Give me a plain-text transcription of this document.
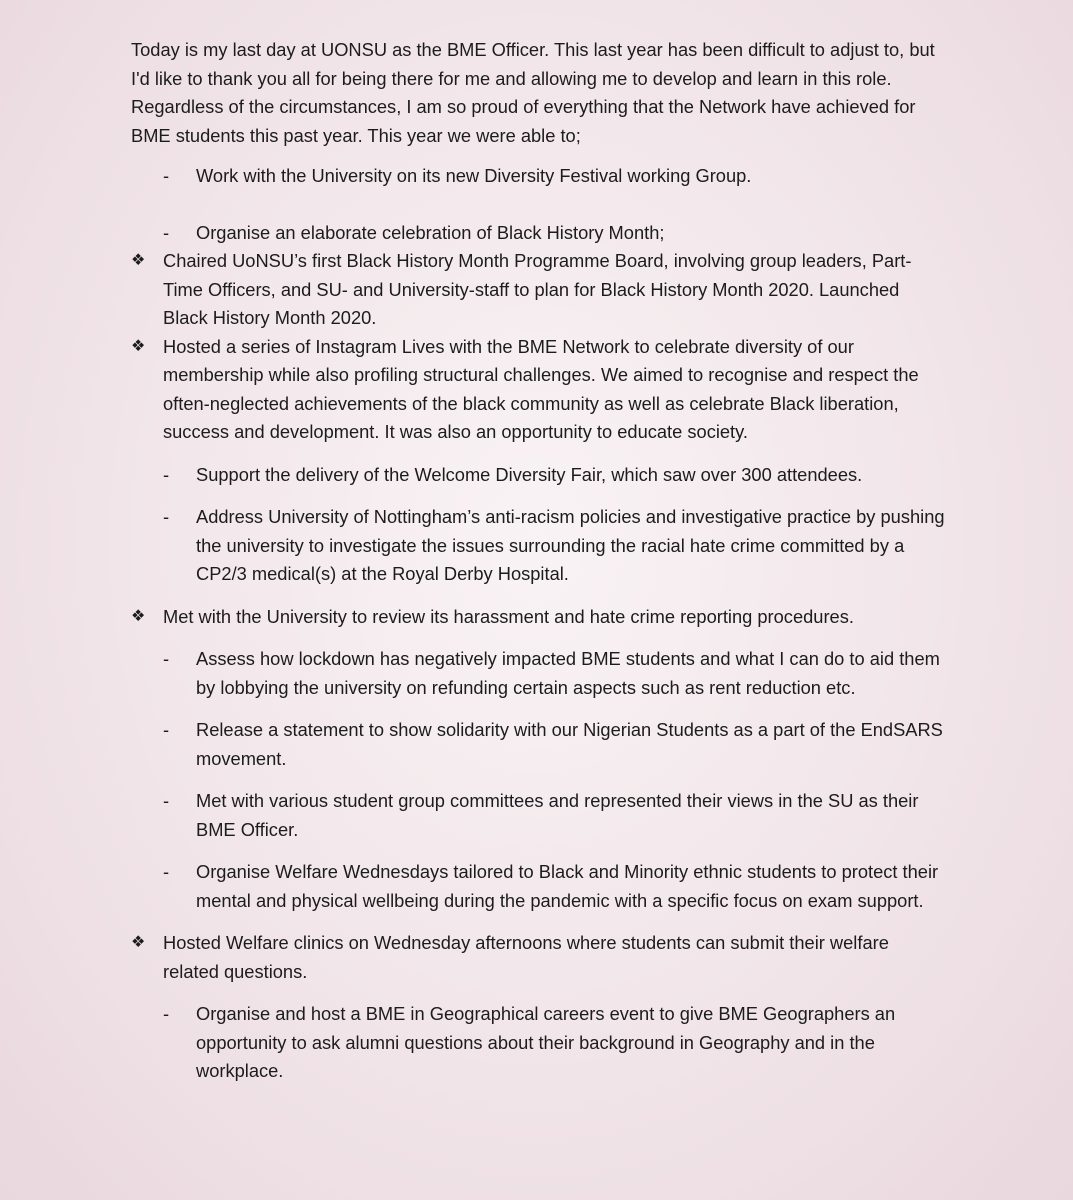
Today is my last day at UONSU as the BME Officer. This last year has been difficult to adjust to, but I'd like to thank you all for being there for me and allowing me to develop and learn in this role. Regardless of the circumstances, I am so proud of everything that the Network have achieved for BME students this past year. This year we were able to;

- Work with the University on its new Diversity Festival working Group.

- Organise an elaborate celebration of Black History Month;

❖ Chaired UoNSU’s first Black History Month Programme Board, involving group leaders, Part-Time Officers, and SU- and University-staff to plan for Black History Month 2020. Launched Black History Month 2020.

❖ Hosted a series of Instagram Lives with the BME Network to celebrate diversity of our membership while also profiling structural challenges. We aimed to recognise and respect the often-neglected achievements of the black community as well as celebrate Black liberation, success and development. It was also an opportunity to educate society.

- Support the delivery of the Welcome Diversity Fair, which saw over 300 attendees.

- Address University of Nottingham’s anti-racism policies and investigative practice by pushing the university to investigate the issues surrounding the racial hate crime committed by a CP2/3 medical(s) at the Royal Derby Hospital.

❖ Met with the University to review its harassment and hate crime reporting procedures.

- Assess how lockdown has negatively impacted BME students and what I can do to aid them by lobbying the university on refunding certain aspects such as rent reduction etc.

- Release a statement to show solidarity with our Nigerian Students as a part of the EndSARS movement.

- Met with various student group committees and represented their views in the SU as their BME Officer.

- Organise Welfare Wednesdays tailored to Black and Minority ethnic students to protect their mental and physical wellbeing during the pandemic with a specific focus on exam support.

❖ Hosted Welfare clinics on Wednesday afternoons where students can submit their welfare related questions.

- Organise and host a BME in Geographical careers event to give BME Geographers an opportunity to ask alumni questions about their background in Geography and in the workplace.
